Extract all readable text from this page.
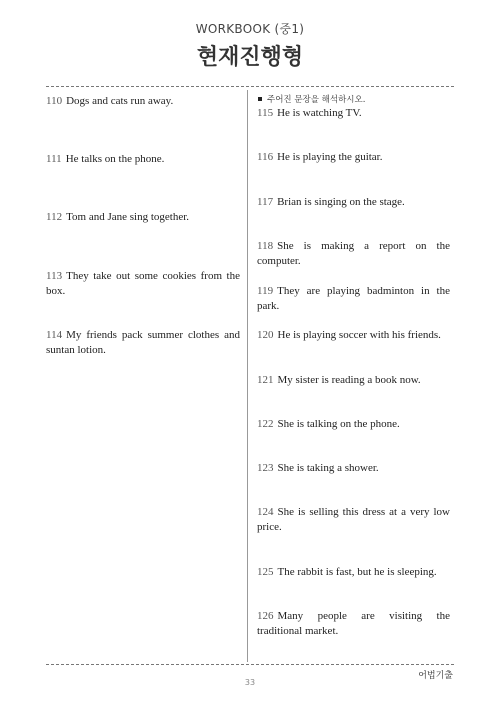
WORKBOOK (중1)
현재진행형
110 Dogs and cats run away.
111 He talks on the phone.
112 Tom and Jane sing together.
113 They take out some cookies from the box.
114 My friends pack summer clothes and suntan lotion.
주어진 문장을 해석하시오.
115 He is watching TV.
116 He is playing the guitar.
117 Brian is singing on the stage.
118 She is making a report on the computer.
119 They are playing badminton in the park.
120 He is playing soccer with his friends.
121 My sister is reading a book now.
122 She is talking on the phone.
123 She is taking a shower.
124 She is selling this dress at a very low price.
125 The rabbit is fast, but he is sleeping.
126 Many people are visiting the traditional market.
어법기출
33
